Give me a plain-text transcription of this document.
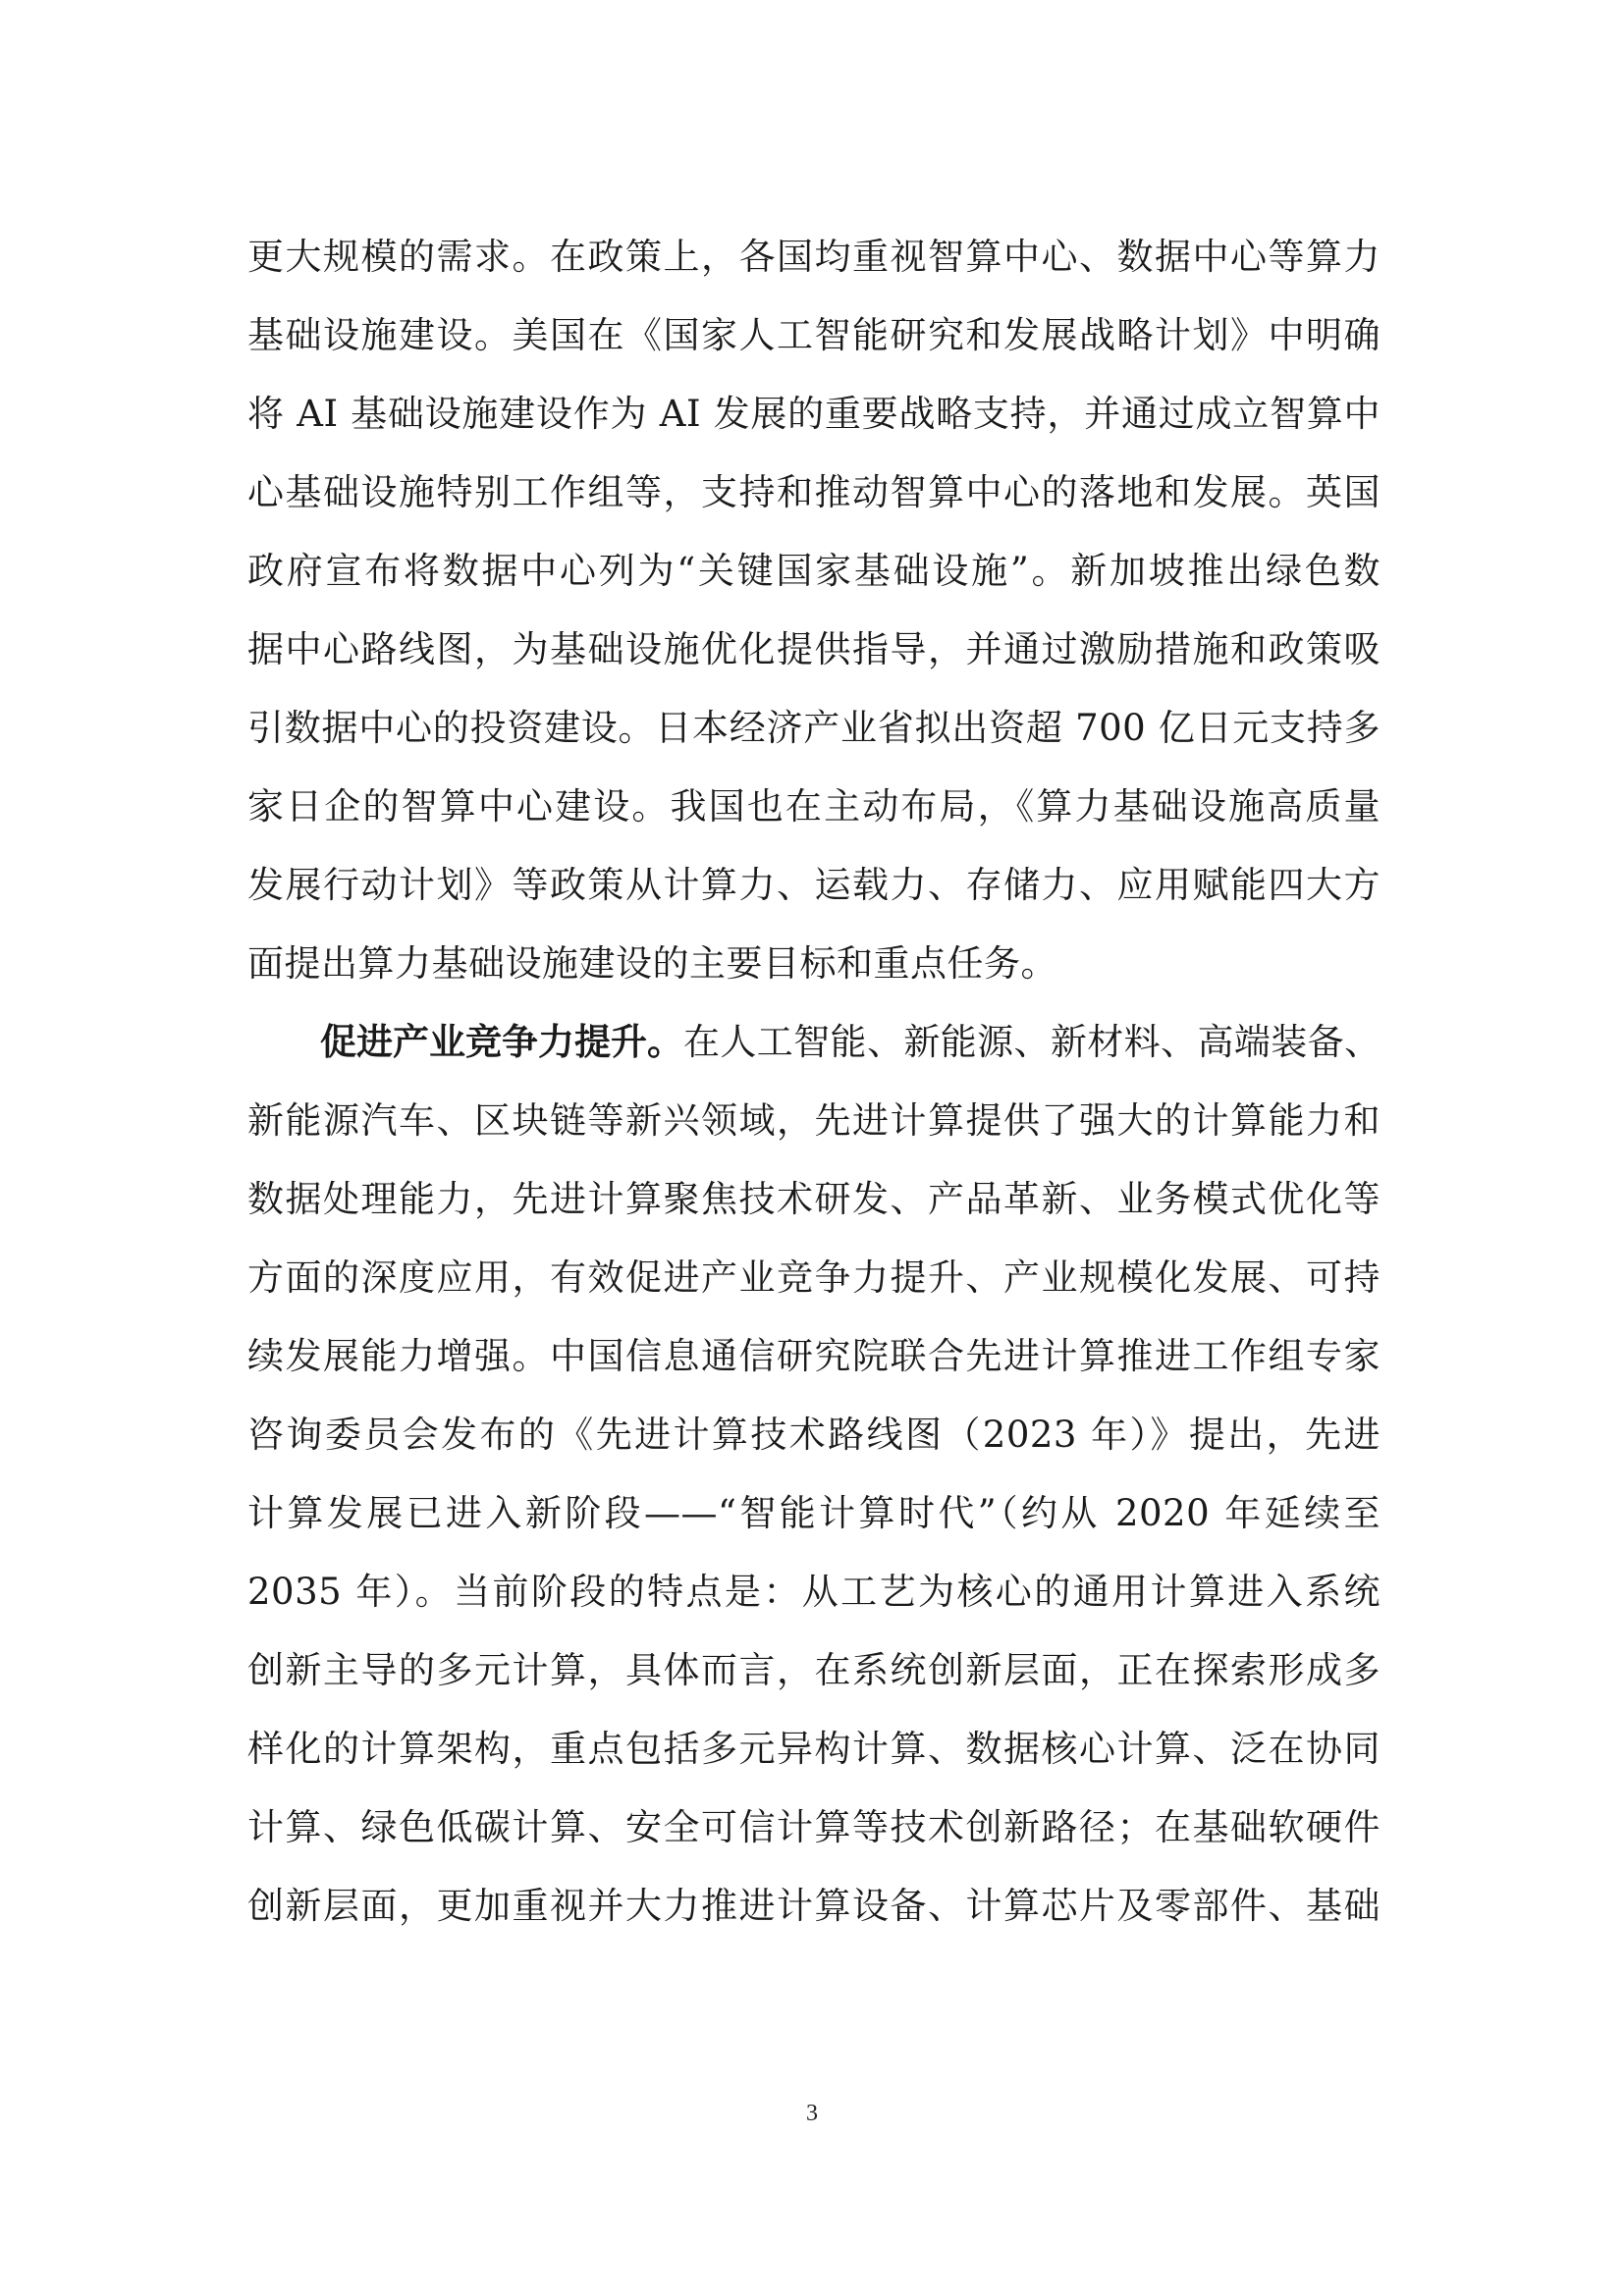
更大规模的需求。在政策上，各国均重视智算中心、数据中心等算力
基础设施建设。美国在《国家人工智能研究和发展战略计划》中明确
将 AI 基础设施建设作为 AI 发展的重要战略支持，并通过成立智算中
心基础设施特别工作组等，支持和推动智算中心的落地和发展。英国
政府宣布将数据中心列为“关键国家基础设施”。新加坡推出绿色数
据中心路线图，为基础设施优化提供指导，并通过激励措施和政策吸
引数据中心的投资建设。日本经济产业省拟出资超 700 亿日元支持多
家日企的智算中心建设。我国也在主动布局，《算力基础设施高质量
发展行动计划》等政策从计算力、运载力、存储力、应用赋能四大方
面提出算力基础设施建设的主要目标和重点任务。
促进产业竞争力提升。 在人工智能、新能源、新材料、高端装备、
新能源汽车、区块链等新兴领域，先进计算提供了强大的计算能力和
数据处理能力，先进计算聚焦技术研发、产品革新、业务模式优化等
方面的深度应用，有效促进产业竞争力提升、产业规模化发展、可持
续发展能力增强。中国信息通信研究院联合先进计算推进工作组专家
咨询委员会发布的《先进计算技术路线图（2023 年）》提出，先进
计算发展已进入新阶段——“智能计算时代”（约从 2020 年延续至
2035 年）。当前阶段的特点是：从工艺为核心的通用计算进入系统
创新主导的多元计算，具体而言，在系统创新层面，正在探索形成多
样化的计算架构，重点包括多元异构计算、数据核心计算、泛在协同
计算、绿色低碳计算、安全可信计算等技术创新路径；在基础软硬件
创新层面，更加重视并大力推进计算设备、计算芯片及零部件、基础
3
